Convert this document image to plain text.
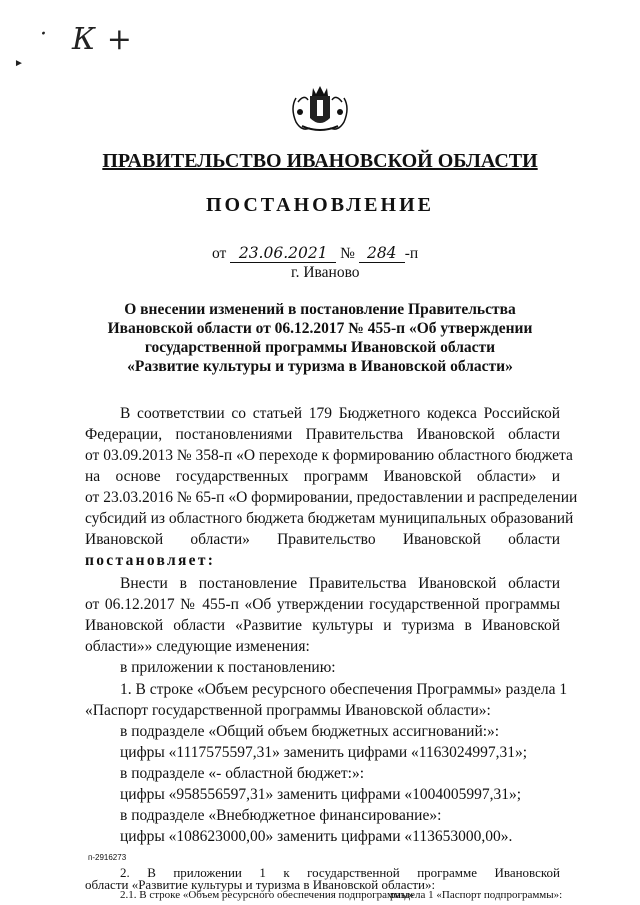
· К +
►
ПРАВИТЕЛЬСТВО ИВАНОВСКОЙ ОБЛАСТИ
ПОСТАНОВЛЕНИЕ
от 23.06.2021 № 284 -п
г. Иваново
О внесении изменений в постановление Правительства
Ивановской области от 06.12.2017 № 455-п «Об утверждении
государственной программы Ивановской области
«Развитие культуры и туризма в Ивановской области»
В соответствии со статьей 179 Бюджетного кодекса Российской
Федерации, постановлениями Правительства Ивановской области
от 03.09.2013 № 358-п «О переходе к формированию областного бюджета
на основе государственных программ Ивановской области» и
от 23.03.2016 № 65-п «О формировании, предоставлении и распределении
субсидий из областного бюджета бюджетам муниципальных образований
Ивановской области» Правительство Ивановской области
постановляет:
Внести в постановление Правительства Ивановской области
от 06.12.2017 № 455-п «Об утверждении государственной программы
Ивановской области «Развитие культуры и туризма в Ивановской
области»» следующие изменения:
в приложении к постановлению:
1. В строке «Объем ресурсного обеспечения Программы» раздела 1
«Паспорт государственной программы Ивановской области»:
в подразделе «Общий объем бюджетных ассигнований:»:
цифры «1117575597,31» заменить цифрами «1163024997,31»;
в подразделе «- областной бюджет:»:
цифры «958556597,31» заменить цифрами «1004005997,31»;
в подразделе «Внебюджетное финансирование»:
цифры «108623000,00» заменить цифрами «113653000,00».
п-2916273
2. В приложении 1 к государственной программе Ивановской
области «Развитие культуры и туризма в Ивановской области»:
2.1. В строке «Объем ресурсного обеспечения подпрограммы»
раздела 1 «Паспорт подпрограммы»:
